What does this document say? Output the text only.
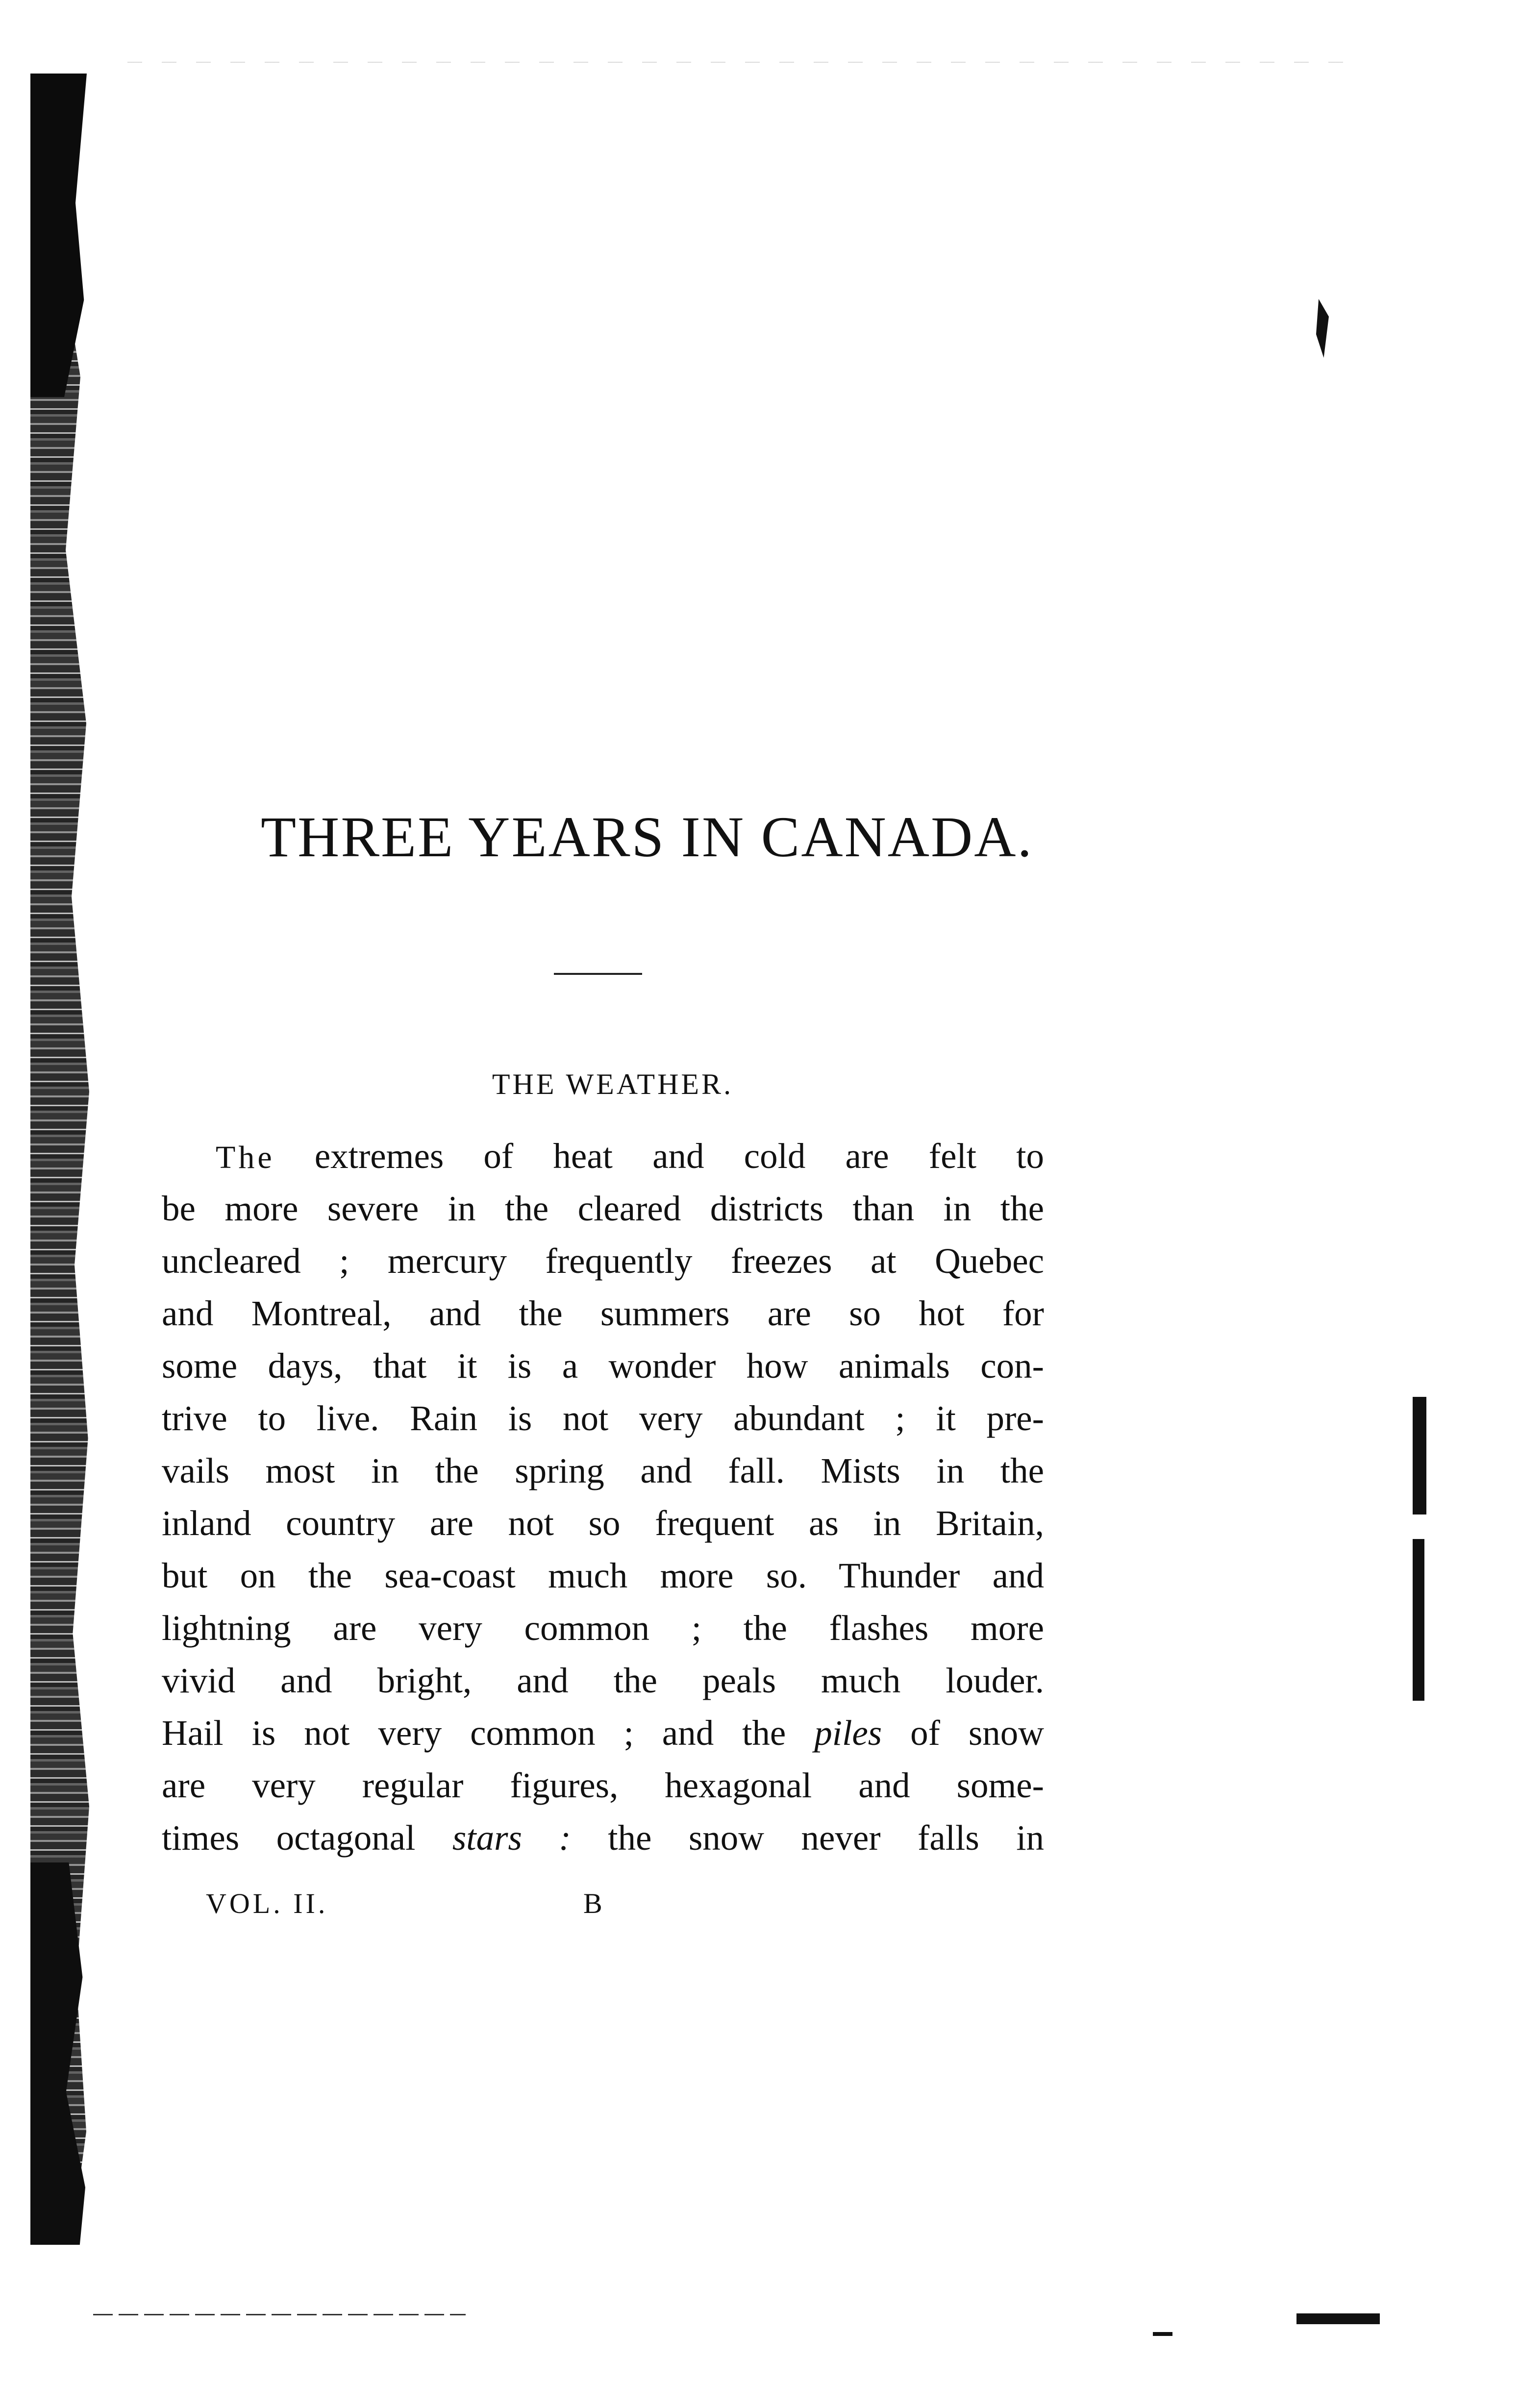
THREE YEARS IN CANADA.
THE WEATHER.
The extremes of heat and cold are felt to
be more severe in the cleared districts than in the
uncleared ; mercury frequently freezes at Quebec
and Montreal, and the summers are so hot for
some days, that it is a wonder how animals con-
trive to live. Rain is not very abundant ; it pre-
vails most in the spring and fall. Mists in the
inland country are not so frequent as in Britain,
but on the sea-coast much more so. Thunder and
lightning are very common ; the flashes more
vivid and bright, and the peals much louder.
Hail is not very common ; and the piles of snow
are very regular figures, hexagonal and some-
times octagonal stars : the snow never falls in
VOL. II.	B
